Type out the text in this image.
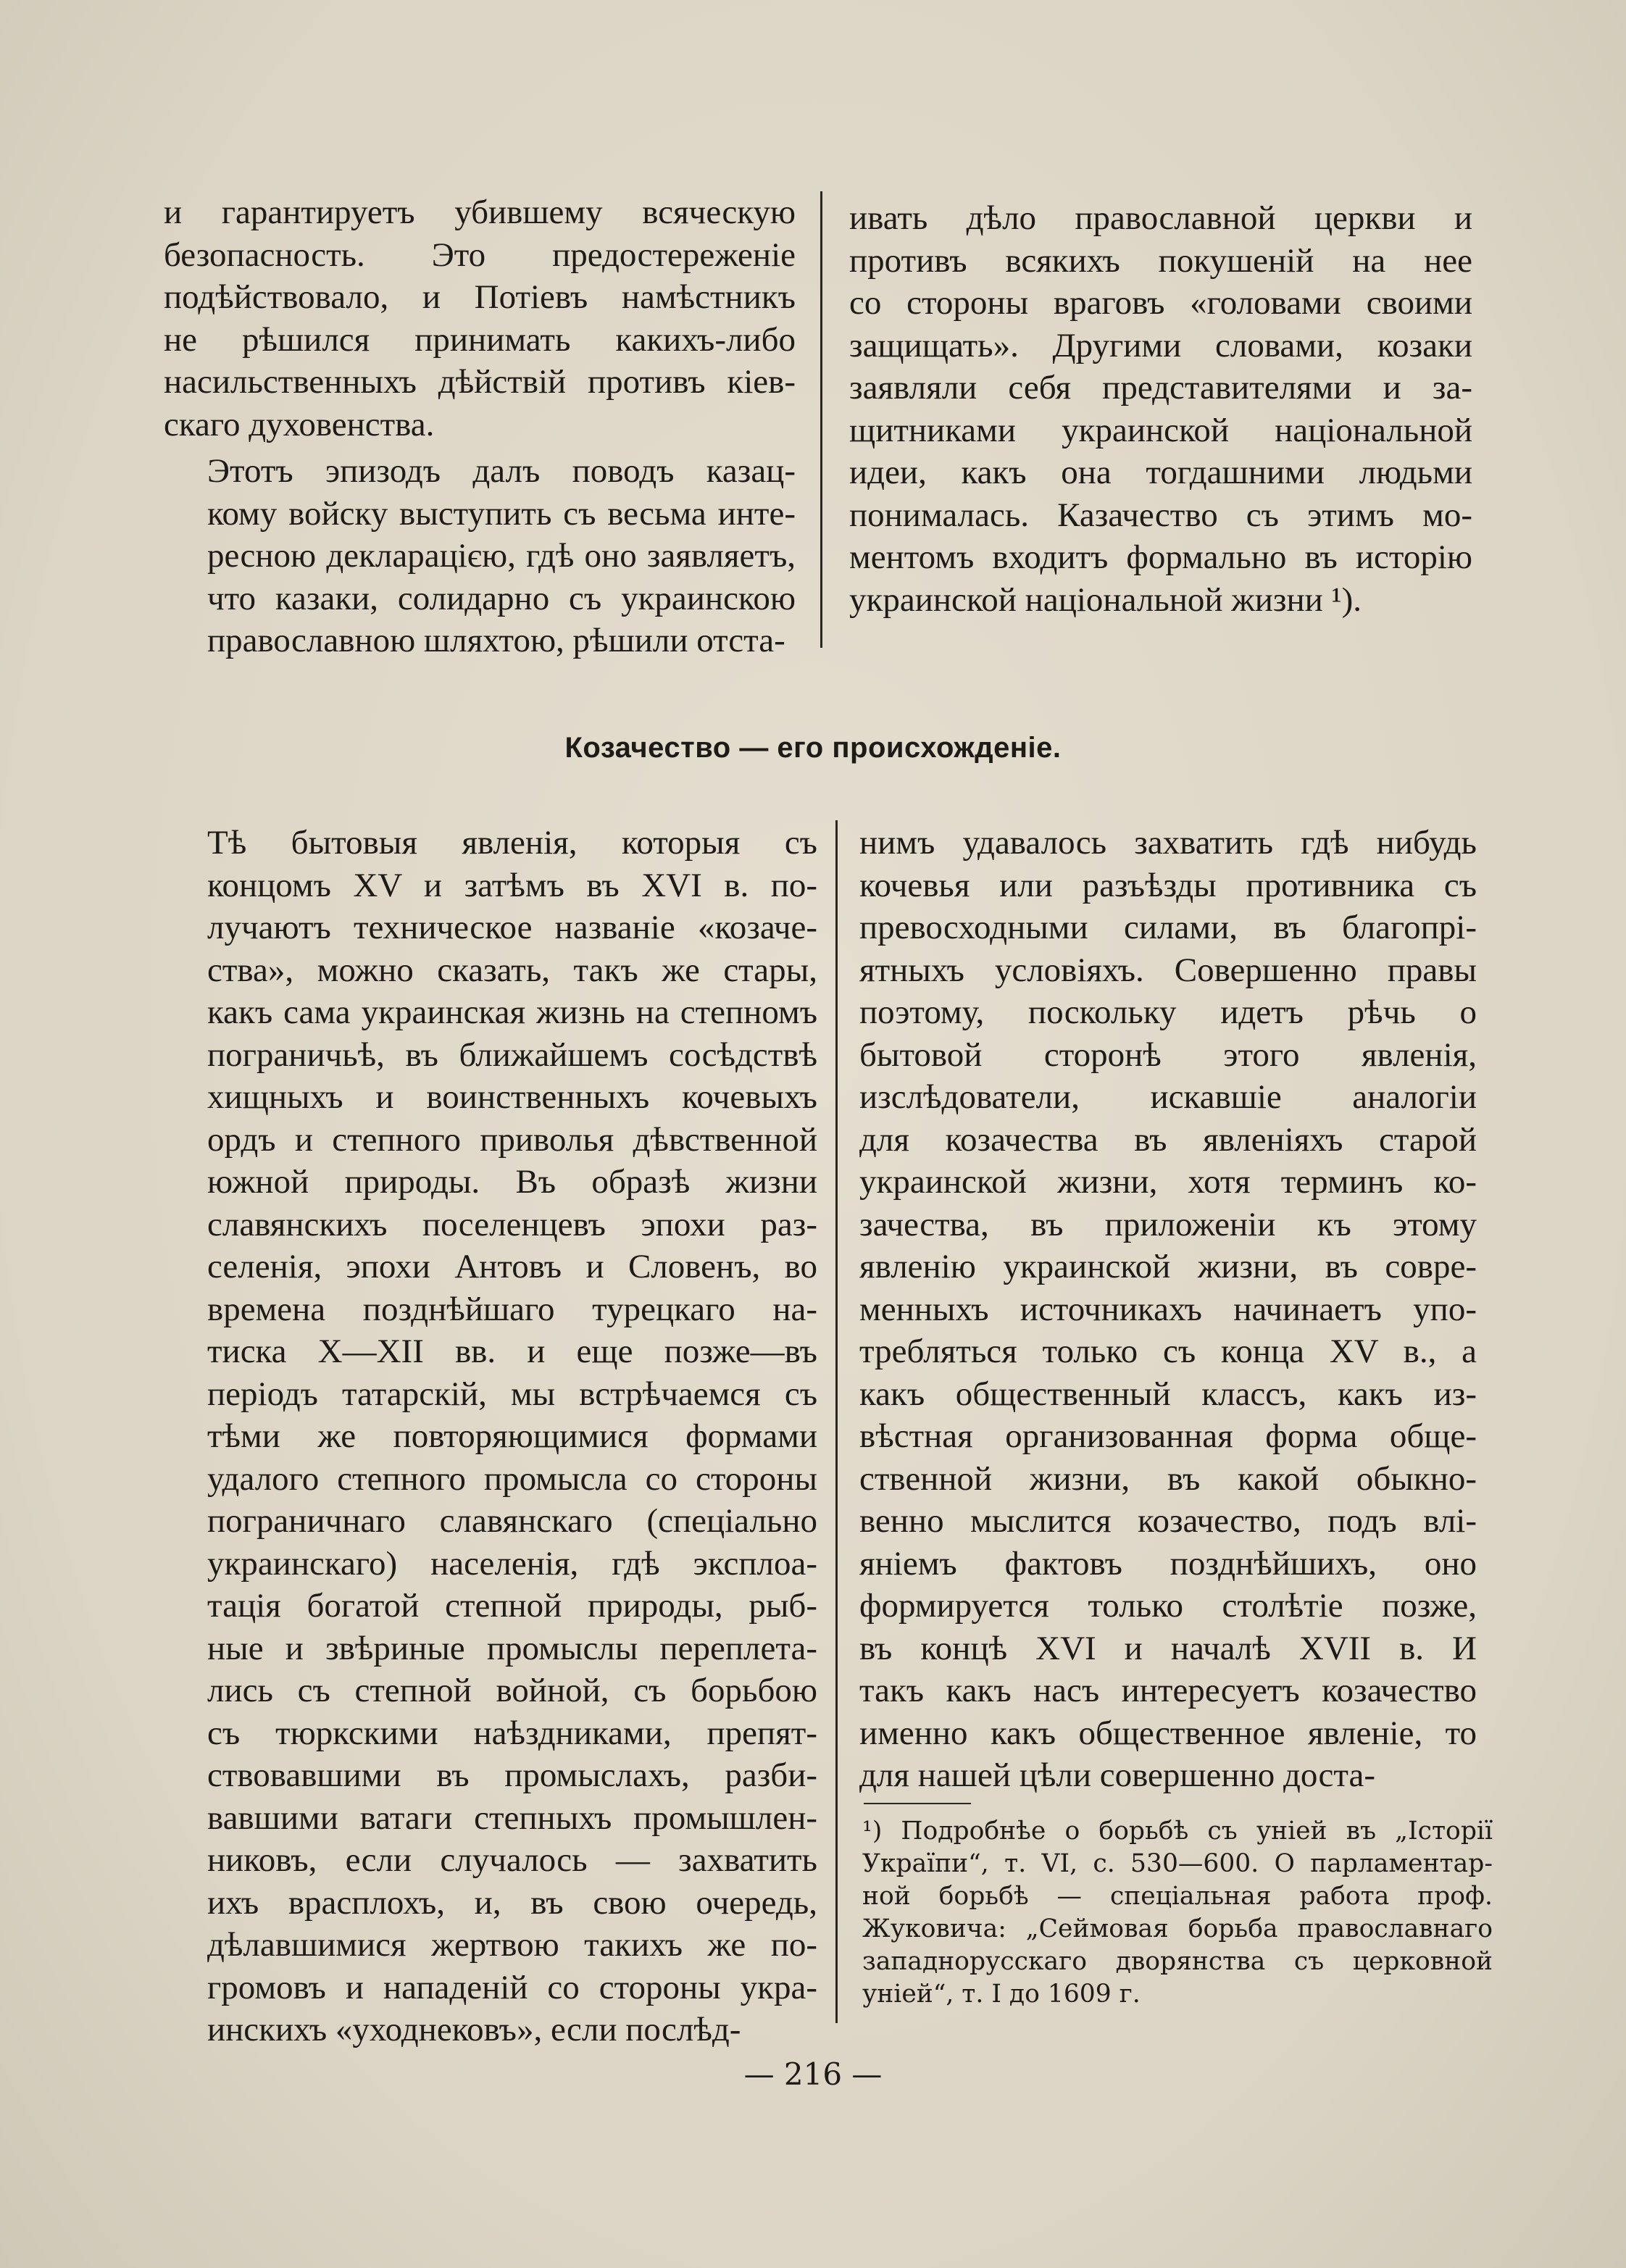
и гарантируетъ убившему всяческую
безопасность. Это предостереженіе
подѣйствовало, и Потіевъ намѣстникъ
не рѣшился принимать какихъ-либо
насильственныхъ дѣйствій противъ кіев-
скаго духовенства.

Этотъ эпизодъ далъ поводъ казац-
кому войску выступить съ весьма инте-
ресною декларацією, гдѣ оно заявляетъ,
что казаки, солидарно съ украинскою
православною шляхтою, рѣшили отста-

ивать дѣло православной церкви и
противъ всякихъ покушеній на нее
со стороны враговъ «головами своими
защищать». Другими словами, козаки
заявляли себя представителями и за-
щитниками украинской національной
идеи, какъ она тогдашними людьми
понималась. Казачество съ этимъ мо-
ментомъ входитъ формально въ исторію
украинской національной жизни ¹).

Козачество — его происхожденіе.

Тѣ бытовыя явленія, которыя съ
концомъ XV и затѣмъ въ XVI в. по-
лучаютъ техническое названіе «козаче-
ства», можно сказать, такъ же стары,
какъ сама украинская жизнь на степномъ
пограничьѣ, въ ближайшемъ сосѣдствѣ
хищныхъ и воинственныхъ кочевыхъ
ордъ и степного приволья дѣвственной
южной природы. Въ образѣ жизни
славянскихъ поселенцевъ эпохи раз-
селенія, эпохи Антовъ и Словенъ, во
времена позднѣйшаго турецкаго на-
тиска X—XII вв. и еще позже—въ
періодъ татарскій, мы встрѣчаемся съ
тѣми же повторяющимися формами
удалого степного промысла со стороны
пограничнаго славянскаго (спеціально
украинскаго) населенія, гдѣ эксплоа-
тація богатой степной природы, рыб-
ные и звѣриные промыслы переплета-
лись съ степной войной, съ борьбою
съ тюркскими наѣздниками, препят-
ствовавшими въ промыслахъ, разби-
вавшими ватаги степныхъ промышлен-
никовъ, если случалось — захватить
ихъ врасплохъ, и, въ свою очередь,
дѣлавшимися жертвою такихъ же по-
громовъ и нападеній со стороны укра-
инскихъ «уходнековъ», если послѣд-

нимъ удавалось захватить гдѣ нибудь
кочевья или разъѣзды противника съ
превосходными силами, въ благопрі-
ятныхъ условіяхъ. Совершенно правы
поэтому, поскольку идетъ рѣчь о
бытовой сторонѣ этого явленія,
изслѣдователи, искавшіе аналогіи
для козачества въ явленіяхъ старой
украинской жизни, хотя терминъ ко-
зачества, въ приложеніи къ этому
явленію украинской жизни, въ совре-
менныхъ источникахъ начинаетъ упо-
требляться только съ конца XV в., а
какъ общественный классъ, какъ из-
вѣстная организованная форма обще-
ственной жизни, въ какой обыкно-
венно мыслится козачество, подъ влі-
яніемъ фактовъ позднѣйшихъ, оно
формируется только столѣтіе позже,
въ концѣ XVI и началѣ XVII в. И
такъ какъ насъ интересуетъ козачество
именно какъ общественное явленіе, то
для нашей цѣли совершенно доста-

¹) Подробнѣе о борьбѣ съ уніей въ „Історії
Україпи“, т. VI, с. 530—600. О парламентар-
ной борьбѣ — спеціальная работа проф.
Жуковича: „Сеймовая борьба православнаго
западнорусскаго дворянства съ церковной
уніей“, т. I до 1609 г.
— 216 —
